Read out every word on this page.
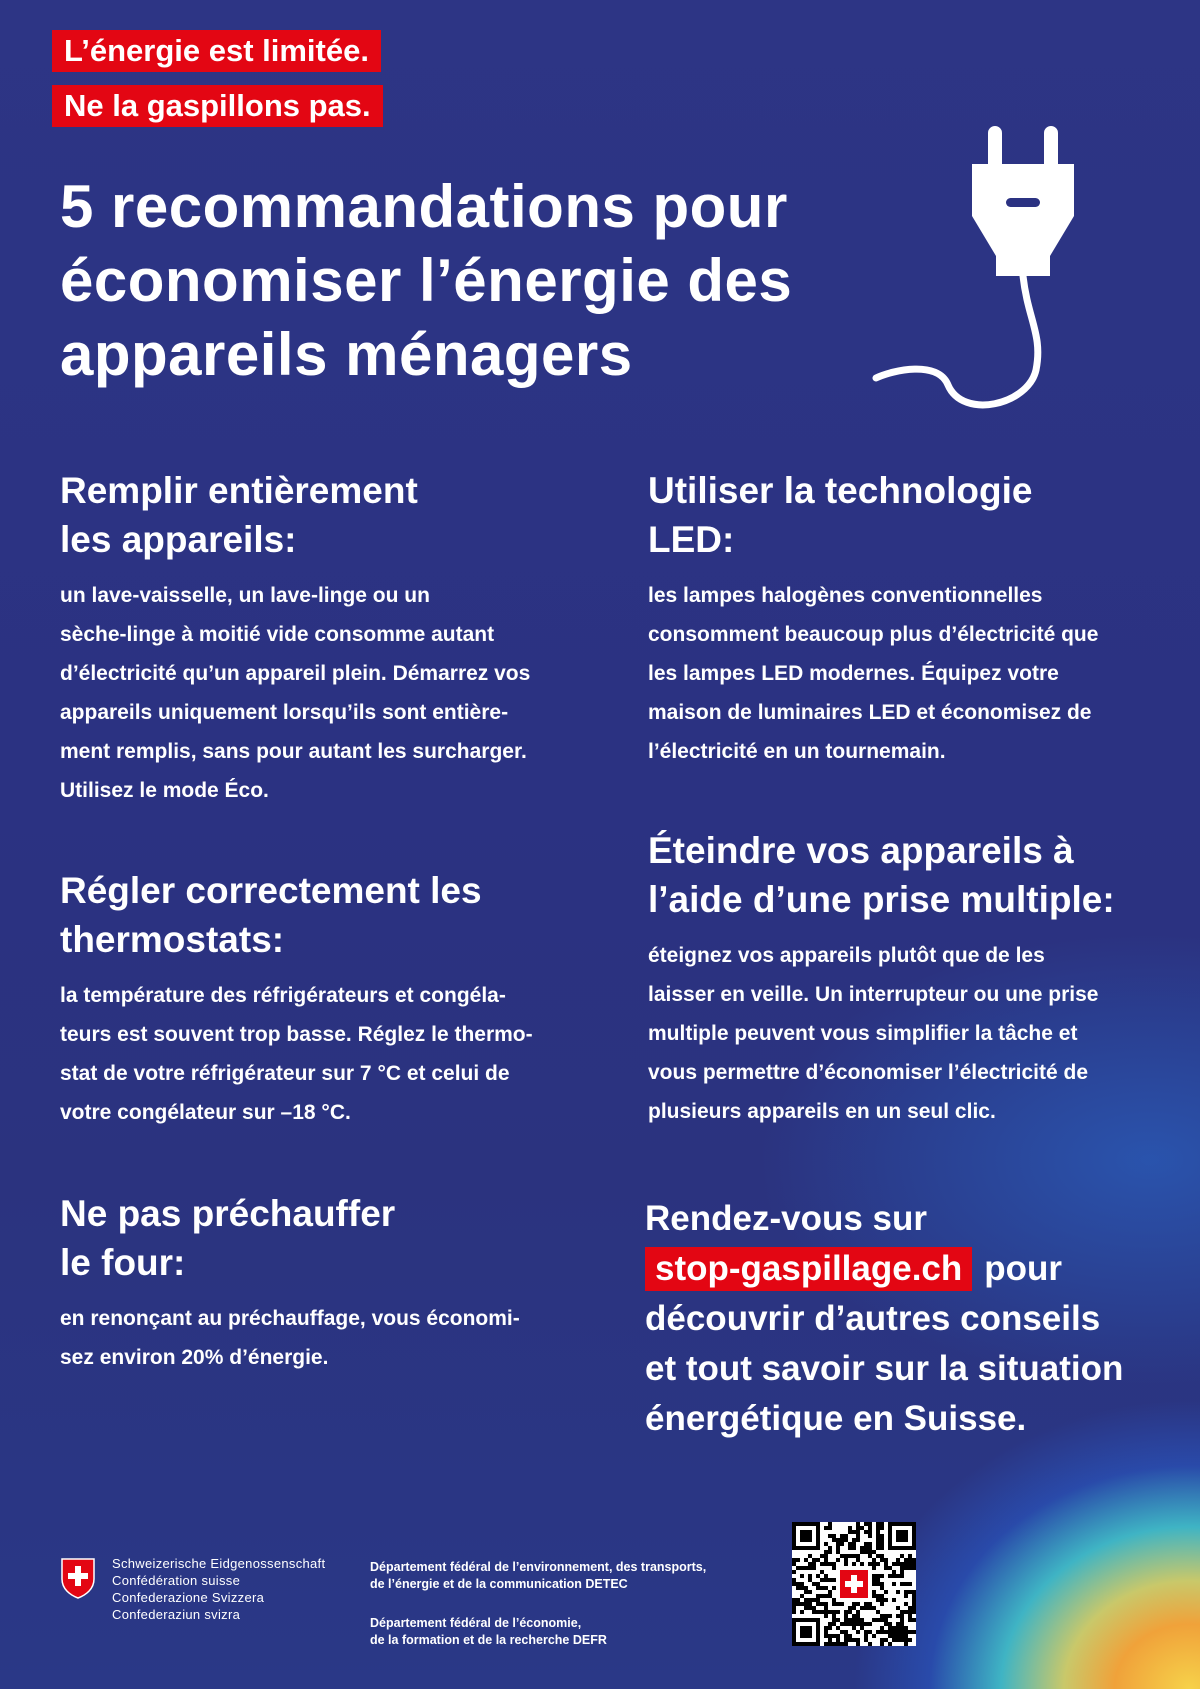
L’énergie est limitée.
Ne la gaspillons pas.
5 recommandations pour
économiser l’énergie des
appareils ménagers
Remplir entièrement
les appareils:

un lave-vaisselle, un lave-linge ou un
sèche-linge à moitié vide consomme autant
d’électricité qu’un appareil plein. Démarrez vos
appareils uniquement lorsqu’ils sont entière-
ment remplis, sans pour autant les surcharger.
Utilisez le mode Éco.

Régler correctement les
thermostats:

la température des réfrigérateurs et congéla-
teurs est souvent trop basse. Réglez le thermo-
stat de votre réfrigérateur sur 7 °C et celui de
votre congélateur sur –18 °C.

Ne pas préchauffer
le four:

en renonçant au préchauffage, vous économi-
sez environ 20% d’énergie.

Utiliser la technologie
LED:

les lampes halogènes conventionnelles
consomment beaucoup plus d’électricité que
les lampes LED modernes. Équipez votre
maison de luminaires LED et économisez de
l’électricité en un tournemain.

Éteindre vos appareils à
l’aide d’une prise multiple:

éteignez vos appareils plutôt que de les
laisser en veille. Un interrupteur ou une prise
multiple peuvent vous simplifier la tâche et
vous permettre d’économiser l’électricité de
plusieurs appareils en un seul clic.

Rendez-vous sur
stop-gaspillage.ch pour
découvrir d’autres conseils
et tout savoir sur la situation
énergétique en Suisse.
Schweizerische Eidgenossenschaft
Confédération suisse
Confederazione Svizzera
Confederaziun svizra
Département fédéral de l’environnement, des transports,
de l’énergie et de la communication DETEC
Département fédéral de l’économie,
de la formation et de la recherche DEFR
